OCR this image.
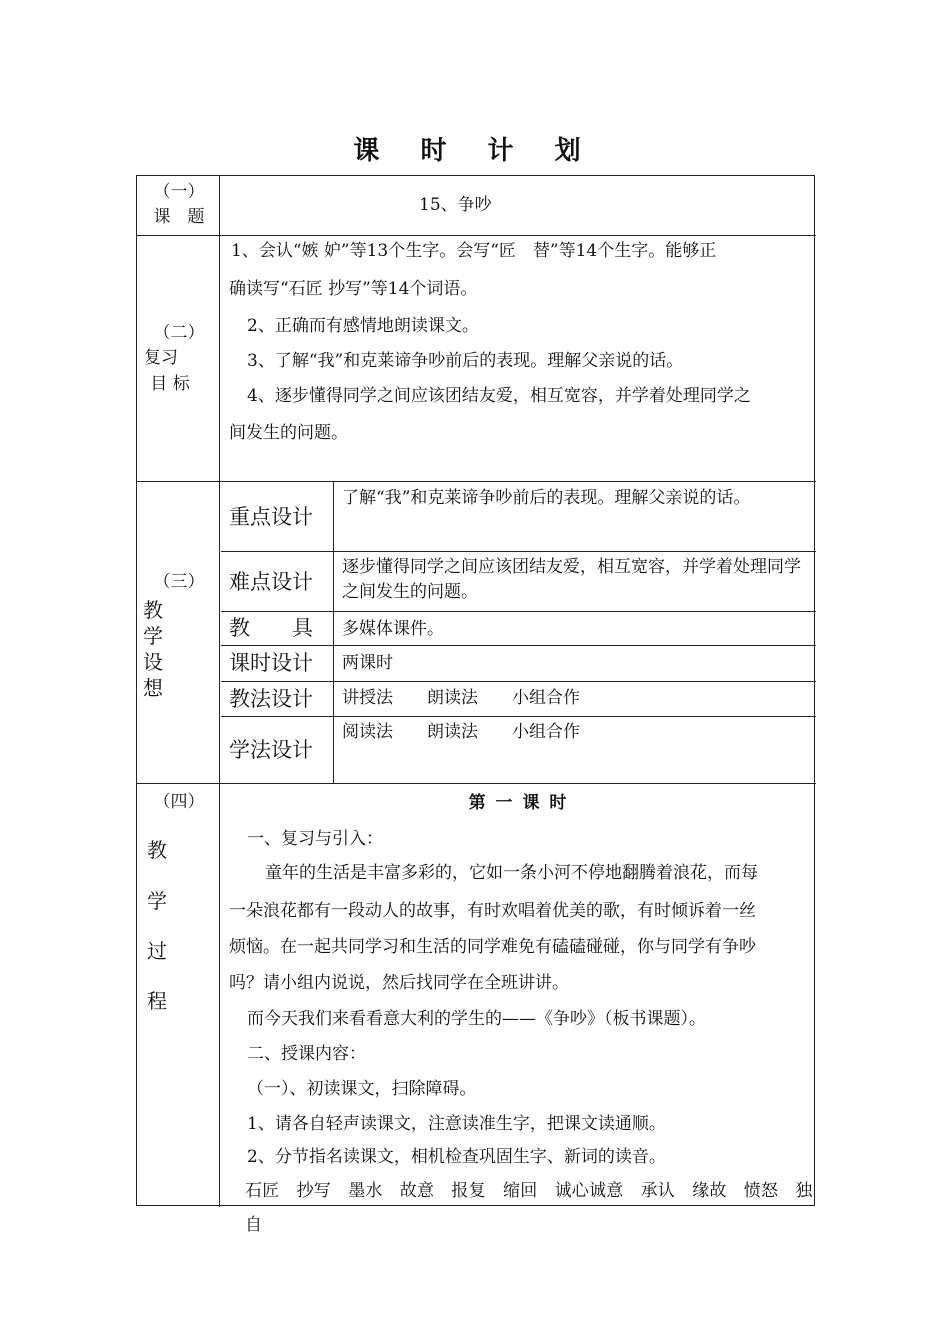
课 时 计 划
（一）
课　题
15、争吵
（二）
复习
目 标
1、会认“嫉 妒”等13个生字。会写“匠　替”等14个生字。能够正
确读写“石匠 抄写”等14个词语。
2、正确而有感情地朗读课文。
3、了解“我”和克莱谛争吵前后的表现。理解父亲说的话。
4、逐步懂得同学之间应该团结友爱，相互宽容，并学着处理同学之
间发生的问题。
（三）
教
学
设
想
重点设计
了解“我”和克莱谛争吵前后的表现。理解父亲说的话。
难点设计
逐步懂得同学之间应该团结友爱，相互宽容，并学着处理同学之间发生的问题。
教　　具 多媒体课件。
课时设计 两课时
教法设计 讲授法　　朗读法　　小组合作
学法设计
阅读法　　朗读法　　小组合作
（四）
教
学
过
程
第 一 课 时
一、复习与引入：
童年的生活是丰富多彩的，它如一条小河不停地翻腾着浪花，而每
一朵浪花都有一段动人的故事，有时欢唱着优美的歌，有时倾诉着一丝
烦恼。在一起共同学习和生活的同学难免有磕磕碰碰，你与同学有争吵
吗？请小组内说说，然后找同学在全班讲讲。
而今天我们来看看意大利的学生的——《争吵》（板书课题）。
二、授课内容：
（一）、初读课文，扫除障碍。
1、请各自轻声读课文，注意读准生字，把课文读通顺。
2、分节指名读课文，相机检查巩固生字、新词的读音。
石匠　抄写　墨水　故意　报复　缩回　诚心诚意　承认　缘故　愤怒　独自
